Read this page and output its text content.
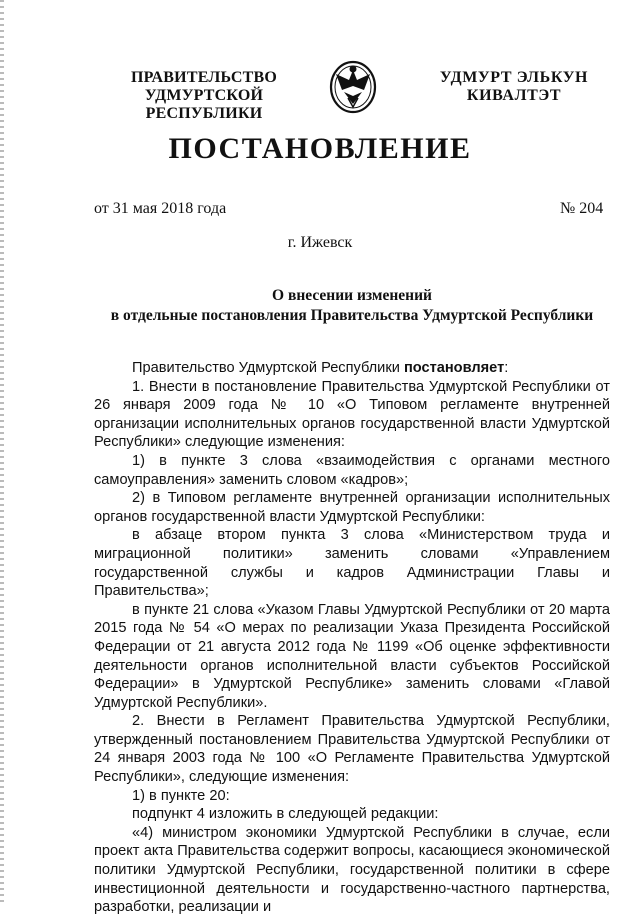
ПРАВИТЕЛЬСТВО
УДМУРТСКОЙ РЕСПУБЛИКИ
УДМУРТ ЭЛЬКУН
КИВАЛТЭТ
ПОСТАНОВЛЕНИЕ
от 31 мая 2018 года	№ 204
г. Ижевск
О внесении изменений
в отдельные постановления Правительства Удмуртской Республики

Правительство Удмуртской Республики постановляет:

1. Внести в постановление Правительства Удмуртской Республики от 26 января 2009 года № 10 «О Типовом регламенте внутренней организации исполнительных органов государственной власти Удмуртской Республики» следующие изменения:

1) в пункте 3 слова «взаимодействия с органами местного самоуправления» заменить словом «кадров»;

2) в Типовом регламенте внутренней организации исполнительных органов государственной власти Удмуртской Республики:

в абзаце втором пункта 3 слова «Министерством труда и миграционной политики» заменить словами «Управлением государственной службы и кадров Администрации Главы и Правительства»;

в пункте 21 слова «Указом Главы Удмуртской Республики от 20 марта 2015 года № 54 «О мерах по реализации Указа Президента Российской Федерации от 21 августа 2012 года № 1199 «Об оценке эффективности деятельности органов исполнительной власти субъектов Российской Федерации» в Удмуртской Республике» заменить словами «Главой Удмуртской Республики».

2. Внести в Регламент Правительства Удмуртской Республики, утвержденный постановлением Правительства Удмуртской Республики от 24 января 2003 года № 100 «О Регламенте Правительства Удмуртской Республики», следующие изменения:

1) в пункте 20:

подпункт 4 изложить в следующей редакции:

«4) министром экономики Удмуртской Республики в случае, если проект акта Правительства содержит вопросы, касающиеся экономической политики Удмуртской Республики, государственной политики в сфере инвестиционной деятельности и государственно-частного партнерства, разработки, реализации и
